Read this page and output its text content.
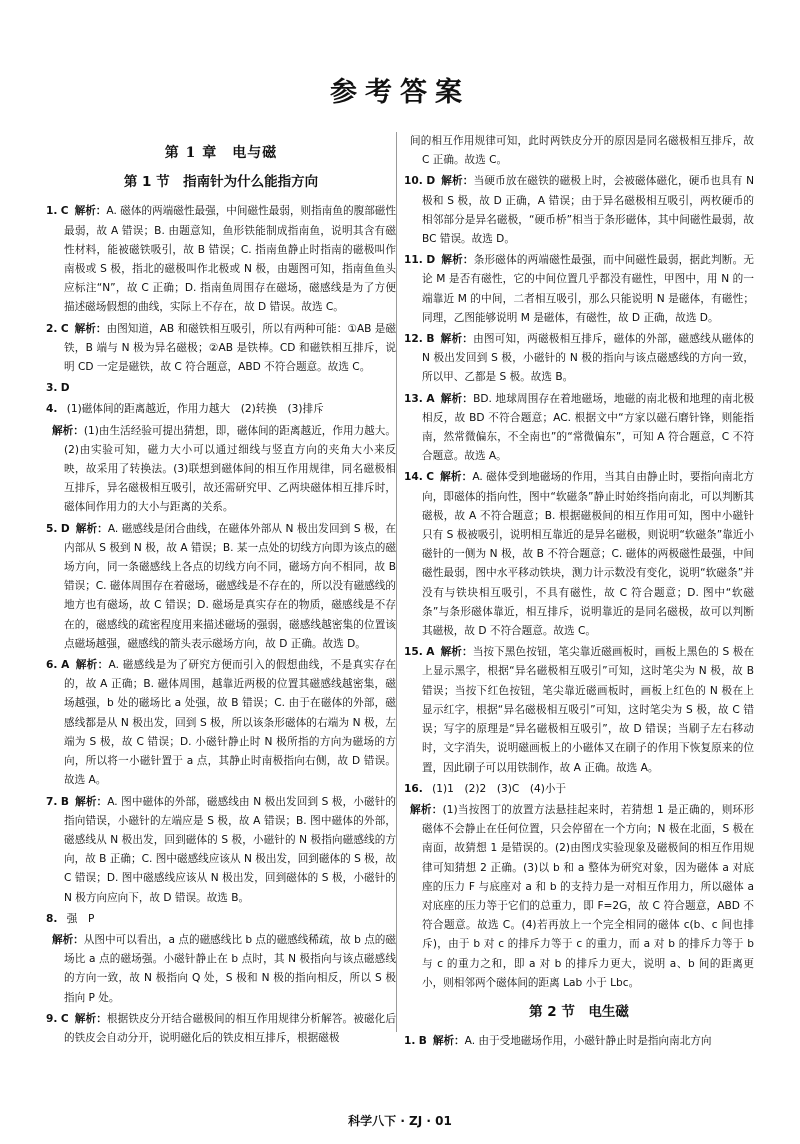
参考答案
第 1 章　电与磁
第 1 节　指南针为什么能指方向
1. C 解析：A. 磁体的两端磁性最强，中间磁性最弱，则指南鱼的腹部磁性最弱，故 A 错误；B. 由题意知，鱼形铁能制成指南鱼，说明其含有磁性材料，能被磁铁吸引，故 B 错误；C. 指南鱼静止时指南的磁极叫作南极或 S 极，指北的磁极叫作北极或 N 极，由题图可知，指南鱼鱼头应标注“N”，故 C 正确；D. 指南鱼周围存在磁场，磁感线是为了方便描述磁场假想的曲线，实际上不存在，故 D 错误。故选 C。
2. C 解析：由图知道，AB 和磁铁相互吸引，所以有两种可能：①AB 是磁铁，B 端与 N 极为异名磁极；②AB 是铁棒。CD 和磁铁相互排斥，说明 CD 一定是磁铁，故 C 符合题意，ABD 不符合题意。故选 C。
3. D
4. (1)磁体间的距离越近，作用力越大　(2)转换　(3)排斥
解析：(1)由生活经验可提出猜想，即，磁体间的距离越近，作用力越大。(2)由实验可知，磁力大小可以通过细线与竖直方向的夹角大小来反映，故采用了转换法。(3)联想到磁体间的相互作用规律，同名磁极相互排斥，异名磁极相互吸引，故还需研究甲、乙两块磁体相互排斥时，磁体间作用力的大小与距离的关系。
5. D 解析：A. 磁感线是闭合曲线，在磁体外部从 N 极出发回到 S 极，在内部从 S 极到 N 极，故 A 错误；B. 某一点处的切线方向即为该点的磁场方向，同一条磁感线上各点的切线方向不同，磁场方向不相同，故 B 错误；C. 磁体周围存在着磁场，磁感线是不存在的，所以没有磁感线的地方也有磁场，故 C 错误；D. 磁场是真实存在的物质，磁感线是不存在的，磁感线的疏密程度用来描述磁场的强弱，磁感线越密集的位置该点磁场越强，磁感线的箭头表示磁场方向，故 D 正确。故选 D。
6. A 解析：A. 磁感线是为了研究方便而引入的假想曲线，不是真实存在的，故 A 正确；B. 磁体周围，越靠近两极的位置其磁感线越密集，磁场越强，b 处的磁场比 a 处强，故 B 错误；C. 由于在磁体的外部，磁感线都是从 N 极出发，回到 S 极，所以该条形磁体的右端为 N 极，左端为 S 极，故 C 错误；D. 小磁针静止时 N 极所指的方向为磁场的方向，所以将一小磁针置于 a 点，其静止时南极指向右侧，故 D 错误。故选 A。
7. B 解析：A. 图中磁体的外部，磁感线由 N 极出发回到 S 极，小磁针的指向错误，小磁针的左端应是 S 极，故 A 错误；B. 图中磁体的外部，磁感线从 N 极出发，回到磁体的 S 极，小磁针的 N 极指向磁感线的方向，故 B 正确；C. 图中磁感线应该从 N 极出发，回到磁体的 S 极，故 C 错误；D. 图中磁感线应该从 N 极出发，回到磁体的 S 极，小磁针的 N 极方向应向下，故 D 错误。故选 B。
8. 强　P
解析：从图中可以看出，a 点的磁感线比 b 点的磁感线稀疏，故 b 点的磁场比 a 点的磁场强。小磁针静止在 b 点时，其 N 极指向与该点磁感线的方向一致，故 N 极指向 Q 处，S 极和 N 极的指向相反，所以 S 极指向 P 处。
9. C 解析：根据铁皮分开结合磁极间的相互作用规律分析解答。被磁化后的铁皮会自动分开，说明磁化后的铁皮相互排斥，根据磁极
间的相互作用规律可知，此时两铁皮分开的原因是同名磁极相互排斥，故 C 正确。故选 C。
10. D 解析：当硬币放在磁铁的磁极上时，会被磁体磁化，硬币也具有 N 极和 S 极，故 D 正确，A 错误；由于异名磁极相互吸引，两枚硬币的相邻部分是异名磁极，“硬币桥”相当于条形磁体，其中间磁性最弱，故 BC 错误。故选 D。
11. D 解析：条形磁体的两端磁性最强，而中间磁性最弱，据此判断。无论 M 是否有磁性，它的中间位置几乎都没有磁性，甲图中，用 N 的一端靠近 M 的中间，二者相互吸引，那么只能说明 N 是磁体，有磁性；同理，乙图能够说明 M 是磁体，有磁性，故 D 正确，故选 D。
12. B 解析：由图可知，两磁极相互排斥，磁体的外部，磁感线从磁体的 N 极出发回到 S 极，小磁针的 N 极的指向与该点磁感线的方向一致，所以甲、乙都是 S 极。故选 B。
13. A 解析：BD. 地球周围存在着地磁场，地磁的南北极和地理的南北极相反，故 BD 不符合题意；AC. 根据文中“方家以磁石磨针锋，则能指南，然常微偏东，不全南也”的“常微偏东”，可知 A 符合题意，C 不符合题意。故选 A。
14. C 解析：A. 磁体受到地磁场的作用，当其自由静止时，要指向南北方向，即磁体的指向性，图中“软磁条”静止时始终指向南北，可以判断其磁极，故 A 不符合题意；B. 根据磁极间的相互作用可知，图中小磁针只有 S 极被吸引，说明相互靠近的是异名磁极，则说明“软磁条”靠近小磁针的一侧为 N 极，故 B 不符合题意；C. 磁体的两极磁性最强，中间磁性最弱，图中水平移动铁块，测力计示数没有变化，说明“软磁条”并没有与铁块相互吸引，不具有磁性，故 C 符合题意；D. 图中“软磁条”与条形磁体靠近，相互排斥，说明靠近的是同名磁极，故可以判断其磁极，故 D 不符合题意。故选 C。
15. A 解析：当按下黑色按钮，笔尖靠近磁画板时，画板上黑色的 S 极在上显示黑字，根据“异名磁极相互吸引”可知，这时笔尖为 N 极，故 B 错误；当按下红色按钮，笔尖靠近磁画板时，画板上红色的 N 极在上显示红字，根据“异名磁极相互吸引”可知，这时笔尖为 S 极，故 C 错误；写字的原理是“异名磁极相互吸引”，故 D 错误；当刷子左右移动时，文字消失，说明磁画板上的小磁体又在刷子的作用下恢复原来的位置，因此刷子可以用铁制作，故 A 正确。故选 A。
16. (1)1　(2)2　(3)C　(4)小于
解析：(1)当按图丁的放置方法悬挂起来时，若猜想 1 是正确的，则环形磁体不会静止在任何位置，只会停留在一个方向；N 极在北面，S 极在南面，故猜想 1 是错误的。(2)由图戊实验现象及磁极间的相互作用规律可知猜想 2 正确。(3)以 b 和 a 整体为研究对象，因为磁体 a 对底座的压力 F 与底座对 a 和 b 的支持力是一对相互作用力，所以磁体 a 对底座的压力等于它们的总重力，即 F=2G，故 C 符合题意，ABD 不符合题意。故选 C。(4)若再放上一个完全相同的磁体 c(b、c 间也排斥)，由于 b 对 c 的排斥力等于 c 的重力，而 a 对 b 的排斥力等于 b 与 c 的重力之和，即 a 对 b 的排斥力更大，说明 a、b 间的距离更小，则相邻两个磁体间的距离 Lab 小于 Lbc。
第 2 节　电生磁
1. B 解析：A. 由于受地磁场作用，小磁针静止时是指向南北方向
科学八下 · ZJ · 01
